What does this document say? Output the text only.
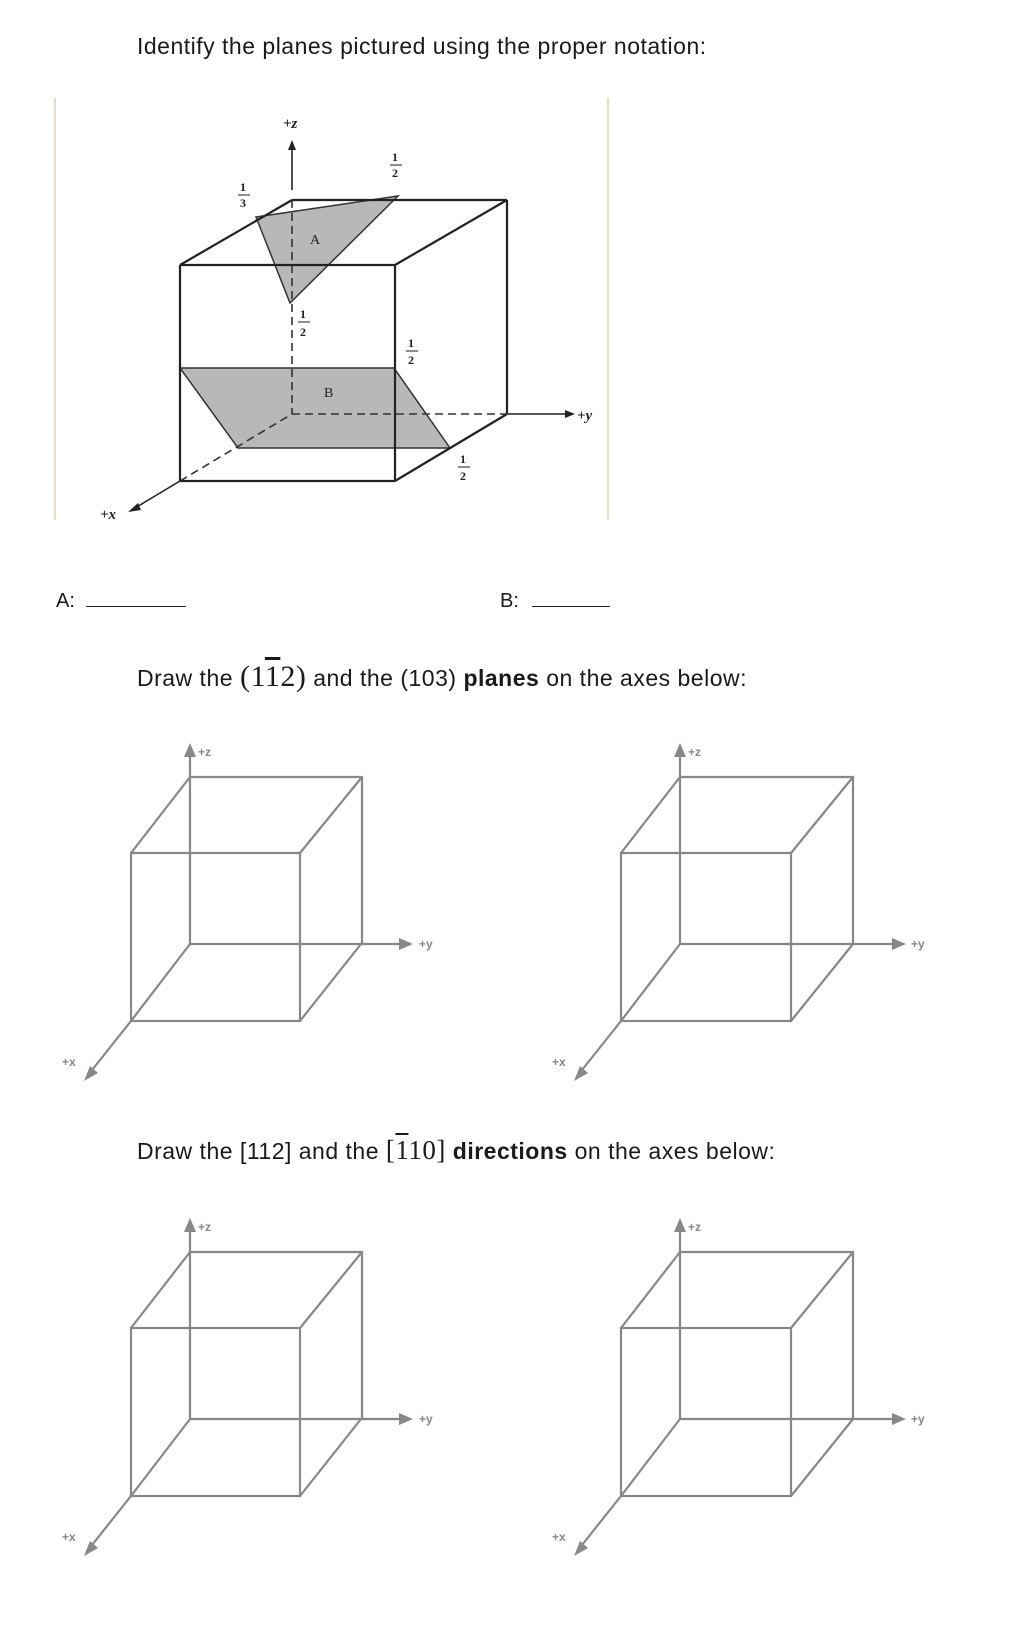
Identify the planes pictured using the proper notation:
+z
+y
+x
A
B
1
3
1
2
1
2
1
2
1
2
A:	B:
Draw the (112) and the (103) planes on the axes below:
Draw the [112] and the [110] directions on the axes below:
+z
+y
+x
+z
+y
+x
+z
+y
+x
+z
+y
+x
